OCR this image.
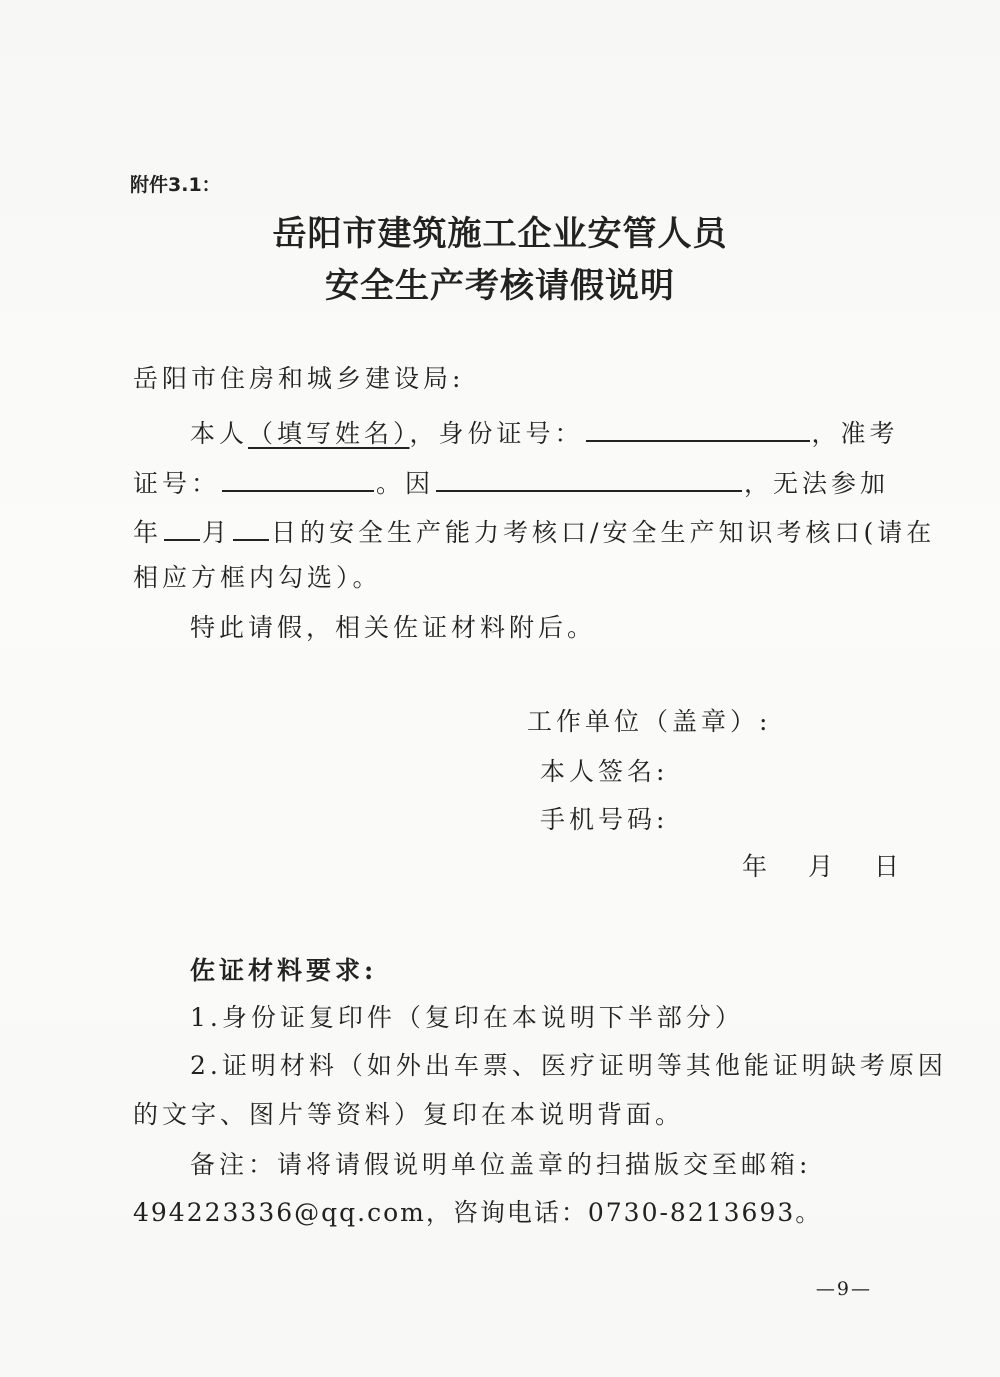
附件3.1：
岳阳市建筑施工企业安管人员
安全生产考核请假说明
岳阳市住房和城乡建设局:
本人（填写姓名），身份证号：	，准考
证号：	。因	，无法参加
年 月 日的安全生产能力考核口/安全生产知识考核口(请在
相应方框内勾选）。
特此请假，相关佐证材料附后。
工作单位（盖章）:
本人签名:
手机号码:
年　月　日
佐证材料要求:
1.身份证复印件（复印在本说明下半部分）
2.证明材料（如外出车票、医疗证明等其他能证明缺考原因
的文字、图片等资料）复印在本说明背面。
备注：请将请假说明单位盖章的扫描版交至邮箱:
494223336@qq.com，咨询电话：0730-8213693。
—9—
